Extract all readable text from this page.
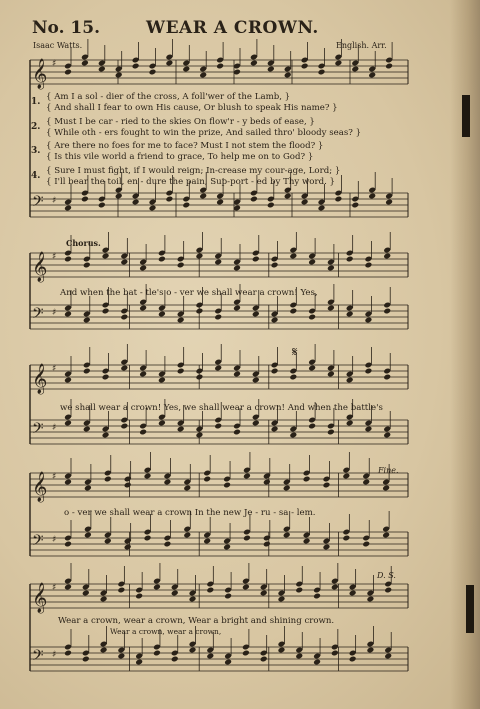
No. 15.	WEAR A CROWN.
Isaac Watts.	English. Arr.
𝄞 ♯
𝄢 ♯
𝄞 ♯
𝄢 ♯
𝄞 ♯
𝄢 ♯
𝄞 ♯
𝄢 ♯
𝄞 ♯
𝄢 ♯
1. { Am I a sol - dier of the cross, A foll'wer of the Lamb, }
{ And shall I fear to own His cause, Or blush to speak His name? }
2. { Must I be car - ried to the skies On flow'r - y beds of ease, }
{ While oth - ers fought to win the prize, And sailed thro' bloody seas? }
3. { Are there no foes for me to face? Must I not stem the flood? }
{ Is this vile world a friend to grace, To help me on to God? }
4. { Sure I must fight, if I would reign; In-crease my cour-age, Lord; }
{ I'll bear the toil, en - dure the pain, Sup-port - ed by Thy word. }
Chorus.
And when the bat - tle's o - ver we shall wear a crown! Yes,
we shall wear a crown! Yes, we shall wear a crown! And when the battle's
o - ver we shall wear a crown In the new Je - ru - sa - lem.
Fine.
D. S.
𝄋
Wear a crown, wear a crown, Wear a bright and shining crown.
Wear a crown, wear a crown,
